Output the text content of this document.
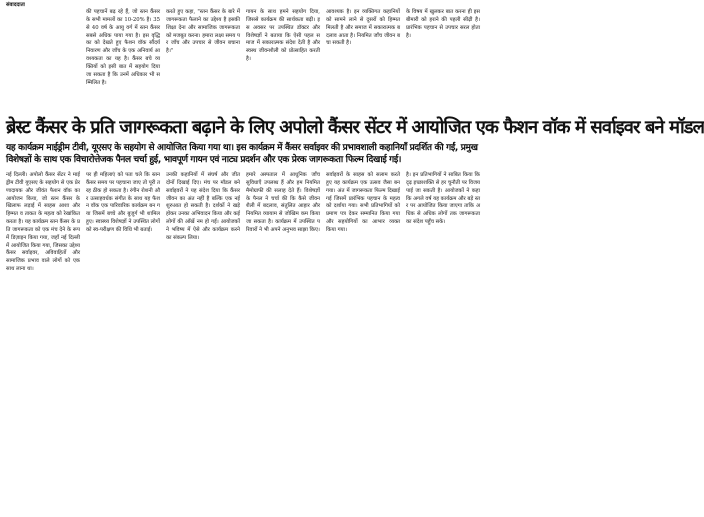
संवाददाता
की पहचानें बढ़ रहे हैं, जो स्तन कैंसर के सभी मामलों का 10-20% है। 35 से 40 वर्ष के आयु वर्ग में स्तन कैंसर सबसे अधिक पाया गया है। इस वृद्धि का को देखते हुए फैशन वॉक सौंदर्य निवारण और जाँच के एक अनिवार्य आवश्यकता का यह है। कैंसर बचे व्यक्तियों को इसी बात में सहयोग दिया जा सकता है कि उनमें अधिकार भी सम्मिलित है।
करते हुए कहा, "स्तन कैंसर के बारे में जागरूकता फैलाने का उद्देश्य है इसकी शिक्षा देना और सामाजिक जागरूकता को मजबूत करना। हमारा लक्ष्य समय पर जाँच और उपचार से जीवन बचाना है।"
गायन के साथ हमने सहयोग दिया, जिससे कार्यक्रम की सार्थकता बढ़ी। इस अवसर पर उपस्थित डॉक्टर और विशेषज्ञों ने बताया कि ऐसी पहल समाज में सकारात्मक संदेश देती है और स्वस्थ जीवनशैली को प्रोत्साहित करती है।
आवश्यक है। इन व्यक्तिगत कहानियों को सामने लाने से दूसरों को हिम्मत मिलती है और समाज में सकारात्मक बदलाव आता है। नियमित जाँच जीवन बचा सकती है।
के विषय में खुलकर बात करना ही इस बीमारी को हराने की पहली सीढ़ी है। प्रारंभिक पहचान से उपचार सरल होता है।
ब्रेस्ट कैंसर के प्रति जागरूकता बढ़ाने के लिए अपोलो कैंसर सेंटर में आयोजित एक फैशन वॉक में सर्वाइवर बने मॉडल
यह कार्यक्रम माईड्रीम टीवी, यूएसए के सहयोग से आयोजित किया गया था। इस कार्यक्रम में कैंसर सर्वाइवर की प्रभावशाली कहानियाँ प्रदर्शित की गईं, प्रमुख विशेषज्ञों के साथ एक विचारोत्तेजक पैनल चर्चा हुई, भावपूर्ण गायन एवं नाट्य प्रदर्शन और एक प्रेरक जागरूकता फिल्म दिखाई गई।
नई दिल्ली। अपोलो कैंसर सेंटर ने माईड्रीम टीवी यूएसए के सहयोग से एक प्रेरणादायक और जीवंत फैशन वॉक का आयोजन किया, जो स्तन कैंसर के खिलाफ लड़ाई में साहस आशा और हिम्मत व ताकत के महत्व को रेखांकित करता है। यह कार्यक्रम स्तन कैंसर के प्रति जागरूकता को एक मंच देने के रूप में डिज़ाइन किया गया, जहाँ नई दिल्ली में आयोजित किया गया, जिसका उद्देश्य कैंसर सर्वाइवर, अविवाहितों और सामाजिक प्रभाव वाले लोगों को एक साथ लाना था।
पर ही महिलाएं को पता चले कि स्तन कैंसर समय पर पहचाना जाए तो पूरी तरह ठीक हो सकता है। रंगीन रोशनी और उत्साहवर्धक संगीत के साथ यह फैशन वॉक एक पारिवारिक कार्यक्रम बन गया जिसमें बच्चे और बुजुर्ग भी शामिल हुए। स्वास्थ्य विशेषज्ञों ने उपस्थित लोगों को स्व-परीक्षण की विधि भी बताई।
उनकी कहानियों में संघर्ष और जीत दोनों दिखाई दिए। मंच पर मॉडल बने सर्वाइवरों ने यह संदेश दिया कि कैंसर जीवन का अंत नहीं है बल्कि एक नई शुरुआत हो सकती है। दर्शकों ने खड़े होकर उनका अभिवादन किया और कई लोगों की आँखें नम हो गईं। आयोजकों ने भविष्य में ऐसे और कार्यक्रम करने का संकल्प लिया।
हमारे अस्पताल में आधुनिक जाँच सुविधाएँ उपलब्ध हैं और हम नियमित मैमोग्राफी की सलाह देते हैं। विशेषज्ञों के पैनल ने चर्चा की कि कैसे जीवनशैली में बदलाव, संतुलित आहार और नियमित व्यायाम से जोखिम कम किया जा सकता है। कार्यक्रम में उपस्थित परिवारों ने भी अपने अनुभव साझा किए।
सर्वाइवरों के साहस को सलाम करते हुए यह कार्यक्रम एक उत्सव जैसा बन गया। अंत में जागरूकता फिल्म दिखाई गई जिसमें प्रारंभिक पहचान के महत्व को दर्शाया गया। सभी प्रतिभागियों को प्रमाण पत्र देकर सम्मानित किया गया और सहयोगियों का आभार व्यक्त किया गया।
है। इन प्रतिभागियों ने साबित किया कि दृढ़ इच्छाशक्ति से हर चुनौती पर विजय पाई जा सकती है। आयोजकों ने कहा कि अगले वर्ष यह कार्यक्रम और बड़े स्तर पर आयोजित किया जाएगा ताकि अधिक से अधिक लोगों तक जागरूकता का संदेश पहुँच सके।
